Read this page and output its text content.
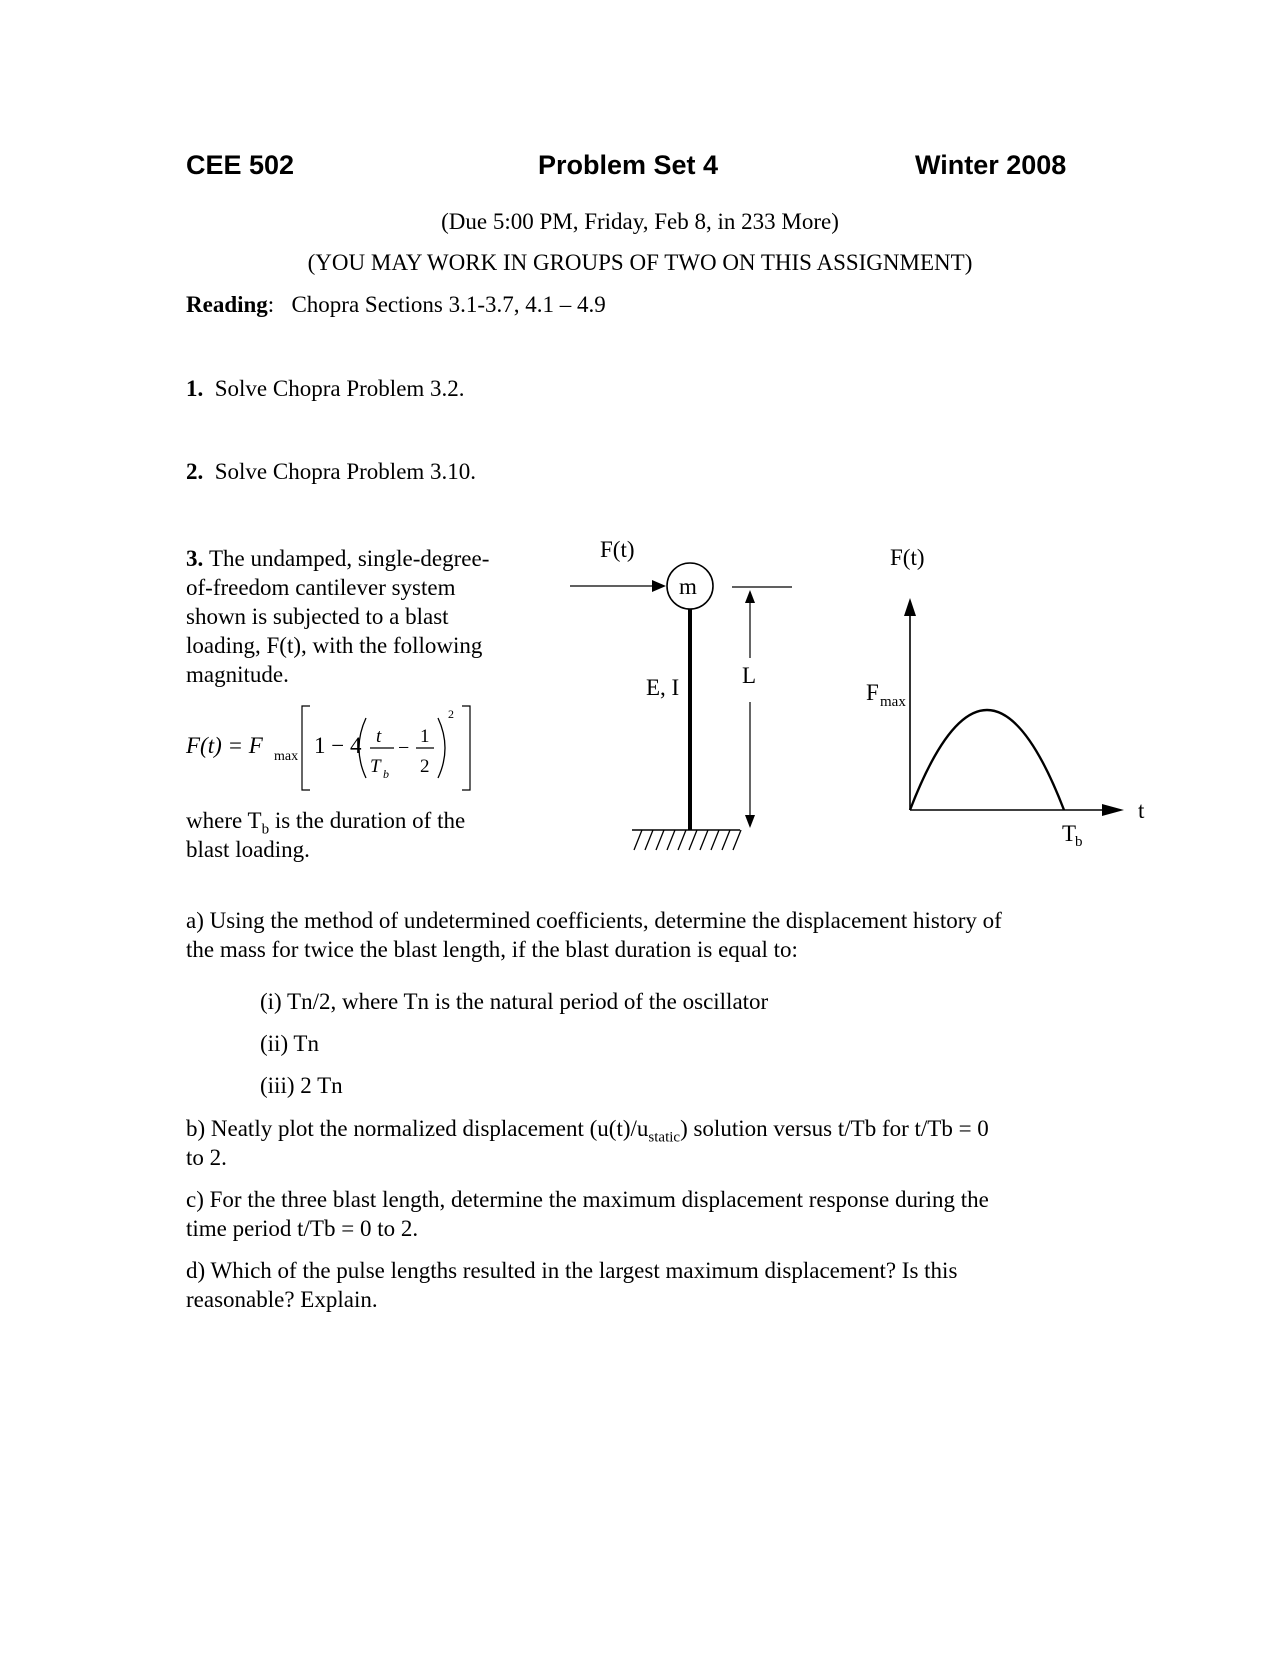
CEE 502	Problem Set 4	Winter 2008
(Due 5:00 PM, Friday, Feb 8, in 233 More)
(YOU MAY WORK IN GROUPS OF TWO ON THIS ASSIGNMENT)
Reading: Chopra Sections 3.1-3.7, 4.1 – 4.9
1. Solve Chopra Problem 3.2.
2. Solve Chopra Problem 3.10.
3. The undamped, single-degree-
of-freedom cantilever system
shown is subjected to a blast
loading, F(t), with the following
magnitude.
F(t) = F max 1 − 4 t
T b
−
1
2
2
where $T_b$ is the duration of the
blast loading.
F(t)
m
E, I	L
F(t)
t
F max
T
b
a) Using the method of undetermined coefficients, determine the displacement history of
the mass for twice the blast length, if the blast duration is equal to:
(i) Tn/2, where Tn is the natural period of the oscillator
(ii) Tn
(iii) 2 Tn
b) Neatly plot the normalized displacement $(u(t)/u_{static})$ solution versus t/Tb for t/Tb = 0
to 2.
c) For the three blast length, determine the maximum displacement response during the
time period t/Tb = 0 to 2.
d) Which of the pulse lengths resulted in the largest maximum displacement? Is this
reasonable? Explain.
